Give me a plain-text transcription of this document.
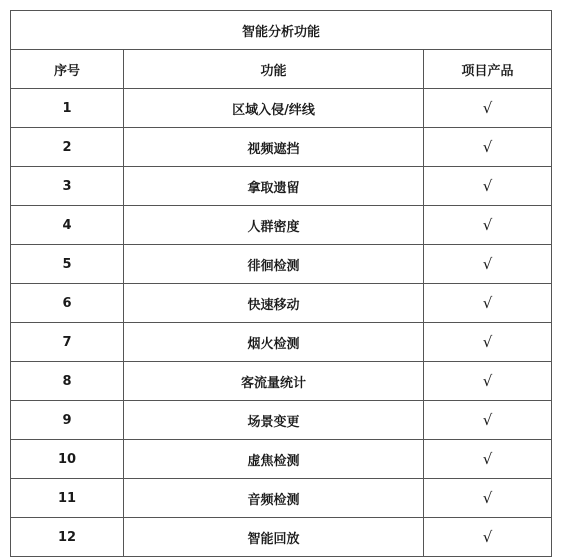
智能分析功能		
序号	功能	项目产品
1	区域入侵/绊线	√
2	视频遮挡	√
3	拿取遗留	√
4	人群密度	√
5	徘徊检测	√
6	快速移动	√
7	烟火检测	√
8	客流量统计	√
9	场景变更	√
10	虚焦检测	√
11	音频检测	√
12	智能回放	√
